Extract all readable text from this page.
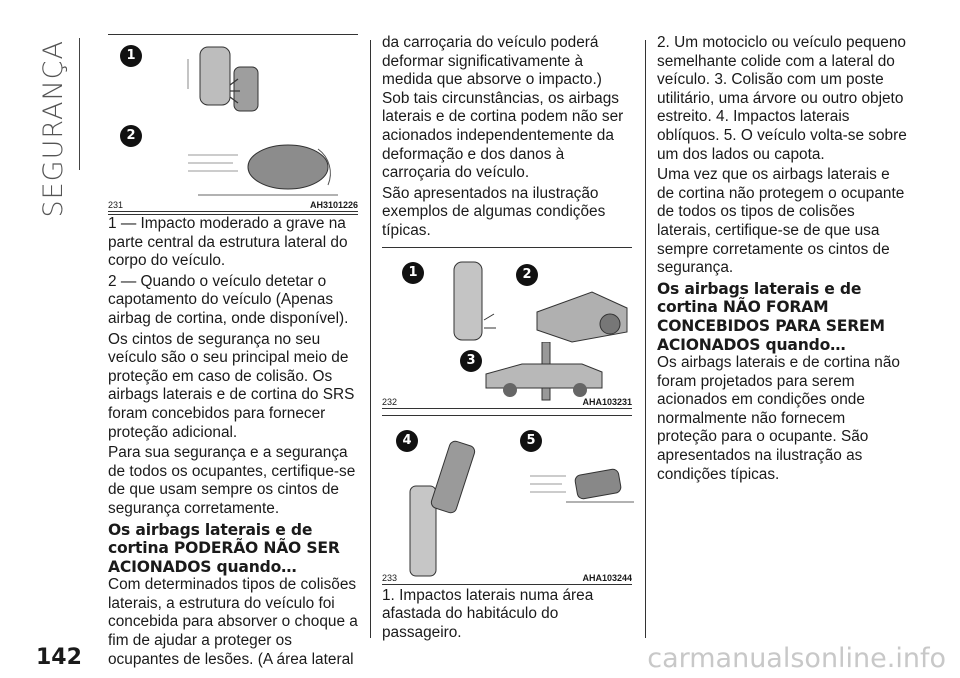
SEGURANÇA	1
2
231	AH3101226

1 — Impacto moderado a grave na parte central da estrutura lateral do corpo do veículo.

2 — Quando o veículo detetar o capotamento do veículo (Apenas airbag de cortina, onde disponível).

Os cintos de segurança no seu veículo são o seu principal meio de proteção em caso de colisão. Os airbags laterais e de cortina do SRS foram concebidos para fornecer proteção adicional.

Para sua segurança e a segurança de todos os ocupantes, certifique-se de que usam sempre os cintos de segurança corretamente.

Os airbags laterais e de cortina PODERÃO NÃO SER ACIONADOS quando…

Com determinados tipos de colisões laterais, a estrutura do veículo foi concebida para absorver o choque a fim de ajudar a proteger os ocupantes de lesões. (A área lateral

da carroçaria do veículo poderá deformar significativamente à medida que absorve o impacto.) Sob tais circunstâncias, os airbags laterais e de cortina podem não ser acionados independentemente da deformação e dos danos à carroçaria do veículo.

São apresentados na ilustração exemplos de algumas condições típicas.

1	2
3
232	AHA103231
4	5
233	AHA103244

1. Impactos laterais numa área afastada do habitáculo do passageiro.

2. Um motociclo ou veículo pequeno semelhante colide com a lateral do veículo. 3. Colisão com um poste utilitário, uma árvore ou outro objeto estreito. 4. Impactos laterais oblíquos. 5. O veículo volta-se sobre um dos lados ou capota.

Uma vez que os airbags laterais e de cortina não protegem o ocupante de todos os tipos de colisões laterais, certifique-se de que usa sempre corretamente os cintos de segurança.

Os airbags laterais e de cortina NÃO FORAM CONCEBIDOS PARA SEREM ACIONADOS quando…

Os airbags laterais e de cortina não foram projetados para serem acionados em condições onde normalmente não fornecem proteção para o ocupante. São apresentados na ilustração as condições típicas.

142	carmanualsonline.info
